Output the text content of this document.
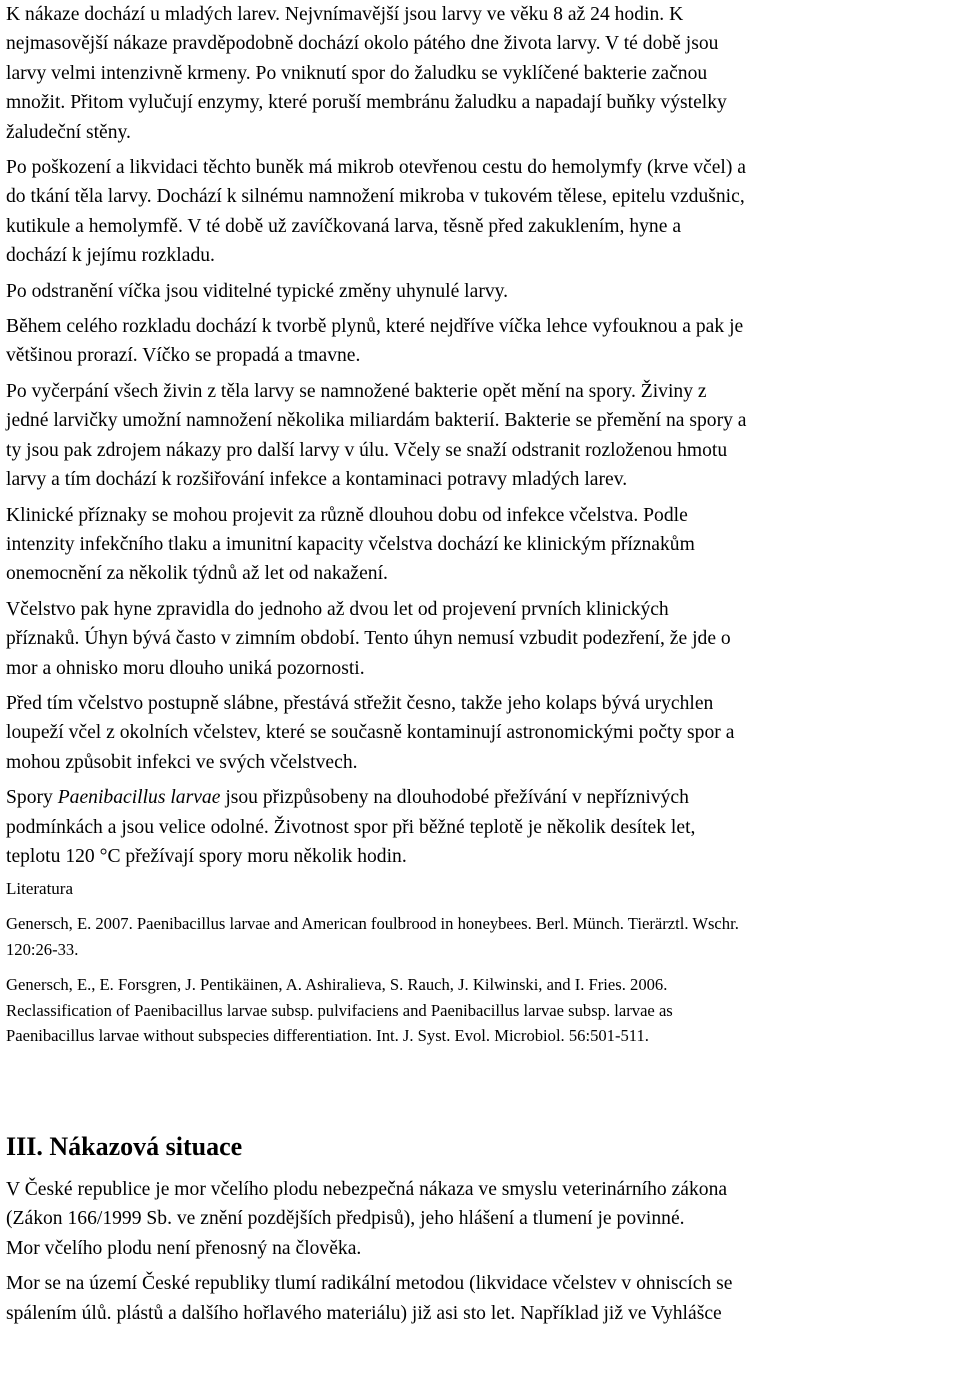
K nákaze dochází u mladých larev. Nejvnímavější jsou larvy ve věku 8 až 24 hodin. K
nejmasovější nákaze pravděpodobně dochází okolo pátého dne života larvy. V té době jsou
larvy velmi intenzivně krmeny. Po vniknutí spor do žaludku se vyklíčené bakterie začnou
množit. Přitom vylučují enzymy, které poruší membránu žaludku a napadají buňky výstelky
žaludeční stěny.

Po poškození a likvidaci těchto buněk má mikrob otevřenou cestu do hemolymfy (krve včel) a
do tkání těla larvy. Dochází k silnému namnožení mikroba v tukovém tělese, epitelu vzdušnic,
kutikule a hemolymfě. V té době už zavíčkovaná larva, těsně před zakuklením, hyne a
dochází k jejímu rozkladu.

Po odstranění víčka jsou viditelné typické změny uhynulé larvy.

Během celého rozkladu dochází k tvorbě plynů, které nejdříve víčka lehce vyfouknou a pak je
většinou prorazí. Víčko se propadá a tmavne.

Po vyčerpání všech živin z těla larvy se namnožené bakterie opět mění na spory. Živiny z
jedné larvičky umožní namnožení několika miliardám bakterií. Bakterie se přemění na spory a
ty jsou pak zdrojem nákazy pro další larvy v úlu. Včely se snaží odstranit rozloženou hmotu
larvy a tím dochází k rozšiřování infekce a kontaminaci potravy mladých larev.

Klinické příznaky se mohou projevit za různě dlouhou dobu od infekce včelstva. Podle
intenzity infekčního tlaku a imunitní kapacity včelstva dochází ke klinickým příznakům
onemocnění za několik týdnů až let od nakažení.

Včelstvo pak hyne zpravidla do jednoho až dvou let od projevení prvních klinických
příznaků. Úhyn bývá často v zimním období. Tento úhyn nemusí vzbudit podezření, že jde o
mor a ohnisko moru dlouho uniká pozornosti.

Před tím včelstvo postupně slábne, přestává střežit česno, takže jeho kolaps bývá urychlen
loupeží včel z okolních včelstev, které se současně kontaminují astronomickými počty spor a
mohou způsobit infekci ve svých včelstvech.

Spory Paenibacillus larvae jsou přizpůsobeny na dlouhodobé přežívání v nepříznivých
podmínkách a jsou velice odolné. Životnost spor při běžné teplotě je několik desítek let,
teplotu 120 °C přežívají spory moru několik hodin.

Literatura

Genersch, E. 2007. Paenibacillus larvae and American foulbrood in honeybees. Berl. Münch. Tierärztl. Wschr.
120:26-33.

Genersch, E., E. Forsgren, J. Pentikäinen, A. Ashiralieva, S. Rauch, J. Kilwinski, and I. Fries. 2006.
Reclassification of Paenibacillus larvae subsp. pulvifaciens and Paenibacillus larvae subsp. larvae as
Paenibacillus larvae without subspecies differentiation. Int. J. Syst. Evol. Microbiol. 56:501-511.

III. Nákazová situace

V České republice je mor včelího plodu nebezpečná nákaza ve smyslu veterinárního zákona
(Zákon 166/1999 Sb. ve znění pozdějších předpisů), jeho hlášení a tlumení je povinné.
Mor včelího plodu není přenosný na člověka.

Mor se na území České republiky tlumí radikální metodou (likvidace včelstev v ohniscích se
spálením úlů. plástů a dalšího hořlavého materiálu) již asi sto let. Například již ve Vyhlášce
